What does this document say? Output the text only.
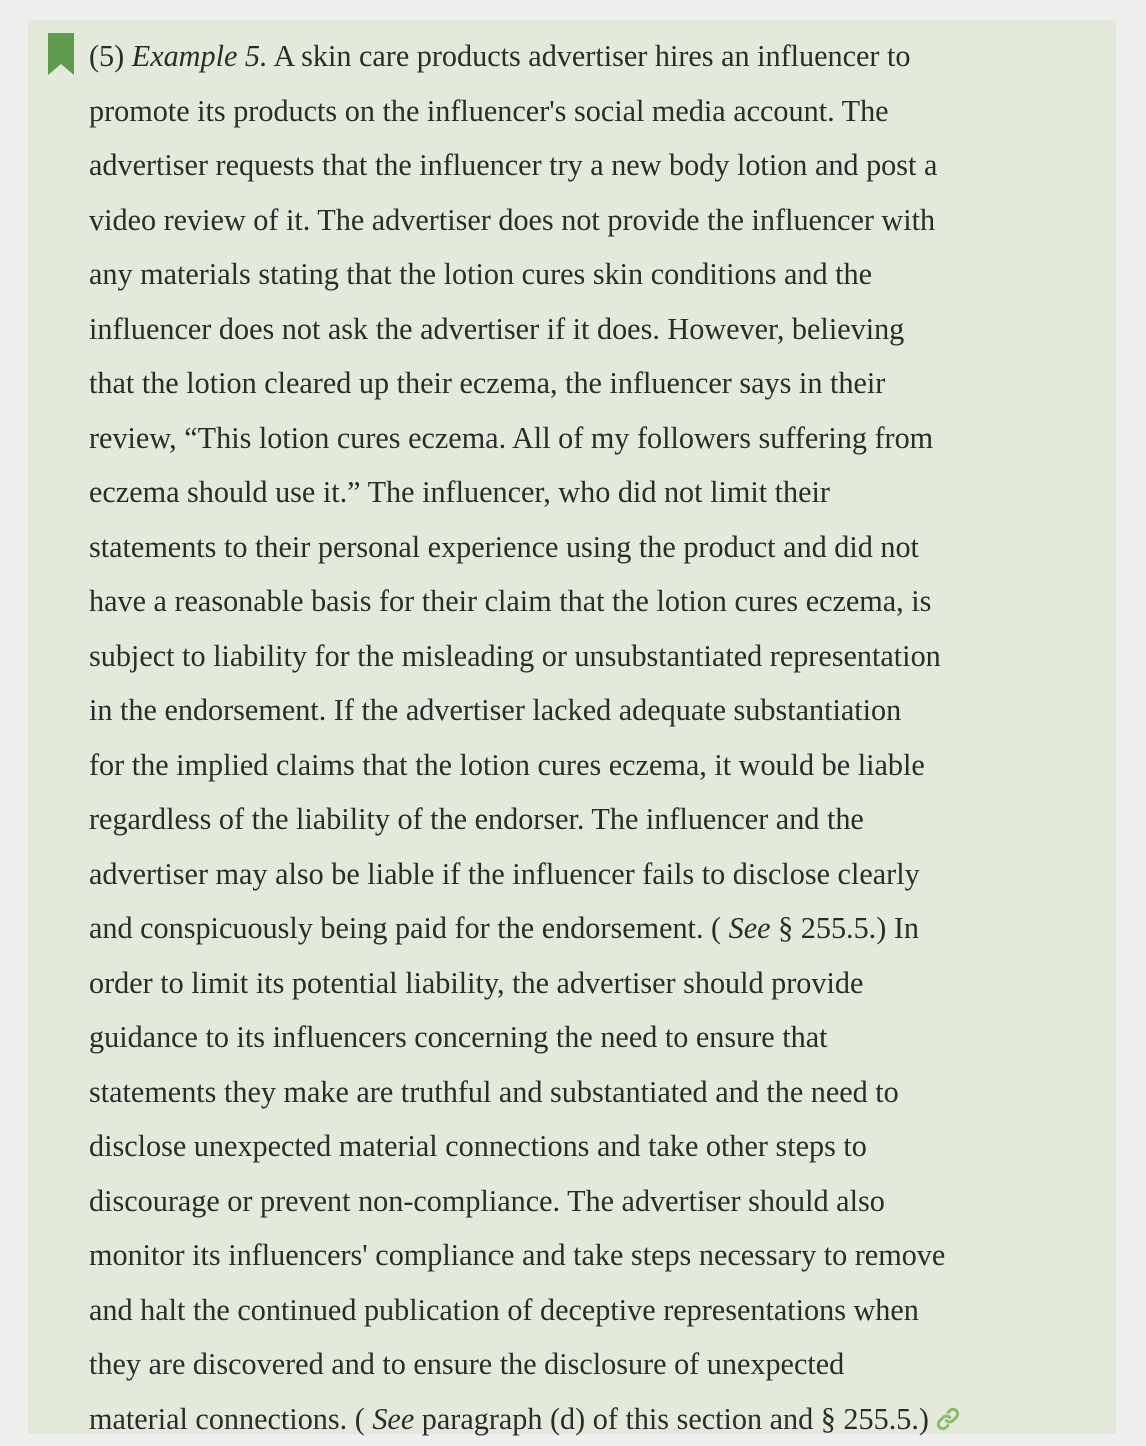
(5) Example 5. A skin care products advertiser hires an influencer to
promote its products on the influencer's social media account. The
advertiser requests that the influencer try a new body lotion and post a
video review of it. The advertiser does not provide the influencer with
any materials stating that the lotion cures skin conditions and the
influencer does not ask the advertiser if it does. However, believing
that the lotion cleared up their eczema, the influencer says in their
review, “This lotion cures eczema. All of my followers suffering from
eczema should use it.” The influencer, who did not limit their
statements to their personal experience using the product and did not
have a reasonable basis for their claim that the lotion cures eczema, is
subject to liability for the misleading or unsubstantiated representation
in the endorsement. If the advertiser lacked adequate substantiation
for the implied claims that the lotion cures eczema, it would be liable
regardless of the liability of the endorser. The influencer and the
advertiser may also be liable if the influencer fails to disclose clearly
and conspicuously being paid for the endorsement. ( See § 255.5.) In
order to limit its potential liability, the advertiser should provide
guidance to its influencers concerning the need to ensure that
statements they make are truthful and substantiated and the need to
disclose unexpected material connections and take other steps to
discourage or prevent non-compliance. The advertiser should also
monitor its influencers' compliance and take steps necessary to remove
and halt the continued publication of deceptive representations when
they are discovered and to ensure the disclosure of unexpected
material connections. ( See paragraph (d) of this section and § 255.5.)
